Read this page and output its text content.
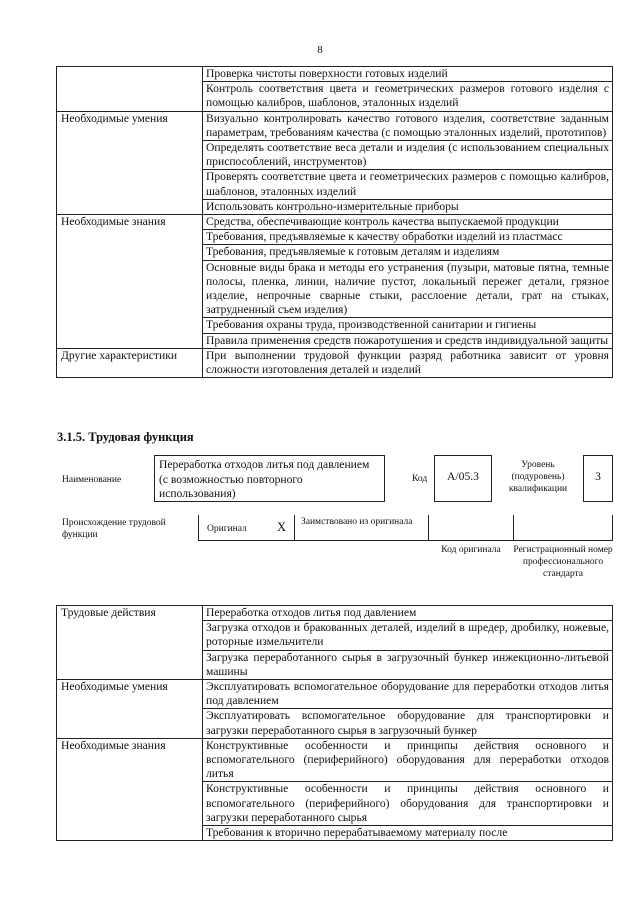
8
	Проверка чистоты поверхности готовых изделий
	Контроль соответствия цвета и геометрических размеров готового изделия с помощью калибров, шаблонов, эталонных изделий
Необходимые умения	Визуально контролировать качество готового изделия, соответствие заданным параметрам, требованиям качества (с помощью эталонных изделий, прототипов)
	Определять соответствие веса детали и изделия (с использованием специальных приспособлений, инструментов)
	Проверять соответствие цвета и геометрических размеров с помощью калибров, шаблонов, эталонных изделий
	Использовать контрольно-измерительные приборы
Необходимые знания	Средства, обеспечивающие контроль качества выпускаемой продукции
	Требования, предъявляемые к качеству обработки изделий из пластмасс
	Требования, предъявляемые к готовым деталям и изделиям
	Основные виды брака и методы его устранения (пузыри, матовые пятна, темные полосы, пленка, линии, наличие пустот, локальный пережег детали, грязное изделие, непрочные сварные стыки, расслоение детали, грат на стыках, затрудненный съем изделия)
	Требования охраны труда, производственной санитарии и гигиены
	Правила применения средств пожаротушения и средств индивидуальной защиты
Другие характеристики	При выполнении трудовой функции разряд работника зависит от уровня сложности изготовления деталей и изделий
3.1.5. Трудовая функция
Наименование
Переработка отходов литья под давлением (с возможностью повторного использования)
Код	A/05.3
Уровень (подуровень) квалификации
3
Происхождение трудовой функции
Оригинал X Заимствовано из оригинала
Код оригинала	Регистрационный номер профессионального стандарта
Трудовые действия	Переработка отходов литья под давлением
	Загрузка отходов и бракованных деталей, изделий в шредер, дробилку, ножевые, роторные измельчители
	Загрузка переработанного сырья в загрузочный бункер инжекционно-литьевой машины
Необходимые умения	Эксплуатировать вспомогательное оборудование для переработки отходов литья под давлением
	Эксплуатировать вспомогательное оборудование для транспортировки и загрузки переработанного сырья в загрузочный бункер
Необходимые знания	Конструктивные особенности и принципы действия основного и вспомогательного (периферийного) оборудования для переработки отходов литья
	Конструктивные особенности и принципы действия основного и вспомогательного (периферийного) оборудования для транспортировки и загрузки переработанного сырья
	Требования к вторично перерабатываемому материалу после
